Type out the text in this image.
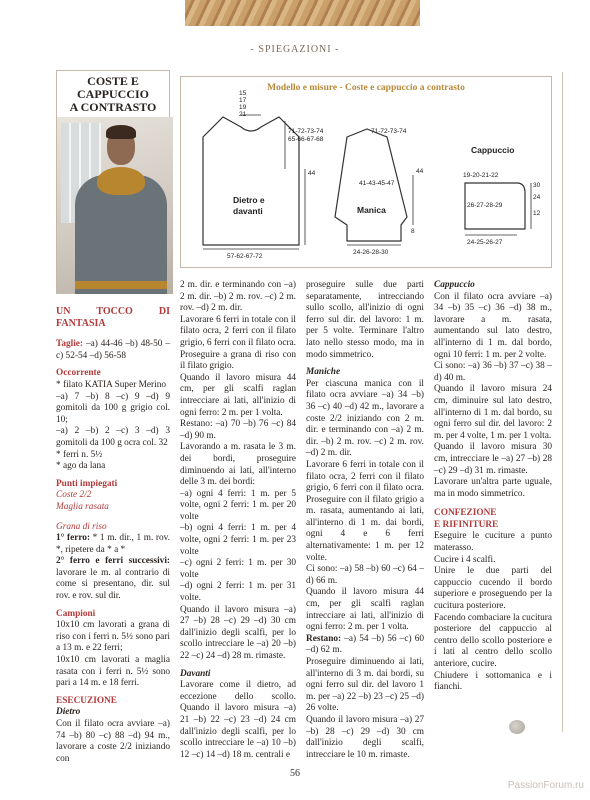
- SPIEGAZIONI -
COSTE E CAPPUCCIO
A CONTRASTO

UN TOCCO DI FANTASIA

Taglie: –a) 44-46 –b) 48-50 –c) 52-54 –d) 56-58

Occorrente

* filato KATIA Super Merino

–a) 7 –b) 8 –c) 9 –d) 9 gomitoli da 100 g grigio col. 10;

–a) 2 –b) 2 –c) 3 –d) 3 gomitoli da 100 g ocra col. 32

* ferri n. 5½

* ago da lana

Punti impiegati

Coste 2/2

Maglia rasata

Grana di riso

1° ferro: * 1 m. dir., 1 m. rov. *, ripetere da * a *

2° ferro e ferri successivi: lavorare le m. al contrario di come si presentano, dir. sul rov. e rov. sul dir.

Campioni

10x10 cm lavorati a grana di riso con i ferri n. 5½ sono pari a 13 m. e 22 ferri;

10x10 cm lavorati a maglia rasata con i ferri n. 5½ sono pari a 14 m. e 18 ferri.

ESECUZIONE

Dietro

Con il filato ocra avviare –a) 74 –b) 80 –c) 88 –d) 94 m., lavorare a coste 2/2 iniziando con

Modello e misure - Coste e cappuccio a contrasto
15
17
19
21
71-72-73-74
65-66-67-68
44
Dietro e
davanti
57-62-67-72
71-72-73-74
41-43-45-47
Manica
44
8
24-26-28-30
Cappuccio
19-20-21-22
26-27-28-29
30
24
12
24-25-26-27

2 m. dir. e terminando con –a) 2 m. dir. –b) 2 m. rov. –c) 2 m. rov. –d) 2 m. dir.

Lavorare 6 ferri in totale con il filato ocra, 2 ferri con il filato grigio, 6 ferri con il filato ocra. Proseguire a grana di riso con il filato grigio.

Quando il lavoro misura 44 cm, per gli scalfi raglan intrecciare ai lati, all'inizio di ogni ferro: 2 m. per 1 volta.

Restano: –a) 70 –b) 76 –c) 84 –d) 90 m.

Lavorando a m. rasata le 3 m. dei bordi, proseguire diminuendo ai lati, all'interno delle 3 m. dei bordi:

–a) ogni 4 ferri: 1 m. per 5 volte, ogni 2 ferri: 1 m. per 20 volte

–b) ogni 4 ferri: 1 m. per 4 volte, ogni 2 ferri: 1 m. per 23 volte

–c) ogni 2 ferri: 1 m. per 30 volte

–d) ogni 2 ferri: 1 m. per 31 volte.

Quando il lavoro misura –a) 27 –b) 28 –c) 29 –d) 30 cm dall'inizio degli scalfi, per lo scollo intrecciare le –a) 20 –b) 22 –c) 24 –d) 28 m. rimaste.

Davanti

Lavorare come il dietro, ad eccezione dello scollo. Quando il lavoro misura –a) 21 –b) 22 –c) 23 –d) 24 cm dall'inizio degli scalfi, per lo scollo intrecciare le –a) 10 –b) 12 –c) 14 –d) 18 m. centrali e

proseguire sulle due parti separatamente, intrecciando sullo scollo, all'inizio di ogni ferro sul dir. del lavoro: 1 m. per 5 volte. Terminare l'altro lato nello stesso modo, ma in modo simmetrico.

Maniche

Per ciascuna manica con il filato ocra avviare –a) 34 –b) 36 –c) 40 –d) 42 m., lavorare a coste 2/2 iniziando con 2 m. dir. e terminando con –a) 2 m. dir. –b) 2 m. rov. –c) 2 m. rov. –d) 2 m. dir.

Lavorare 6 ferri in totale con il filato ocra, 2 ferri con il filato grigio, 6 ferri con il filato ocra. Proseguire con il filato grigio a m. rasata, aumentando ai lati, all'interno di 1 m. dai bordi, ogni 4 e 6 ferri alternativamente: 1 m. per 12 volte.

Ci sono: –a) 58 –b) 60 –c) 64 –d) 66 m.

Quando il lavoro misura 44 cm, per gli scalfi raglan intrecciare ai lati, all'inizio di ogni ferro: 2 m. per 1 volta.

Restano: –a) 54 –b) 56 –c) 60 –d) 62 m.

Proseguire diminuendo ai lati, all'interno di 3 m. dai bordi, su ogni ferro sul dir. del lavoro 1 m. per –a) 22 –b) 23 –c) 25 –d) 26 volte.

Quando il lavoro misura –a) 27 –b) 28 –c) 29 –d) 30 cm dall'inizio degli scalfi, intrecciare le 10 m. rimaste.

Cappuccio

Con il filato ocra avviare –a) 34 –b) 35 –c) 36 –d) 38 m., lavorare a m. rasata, aumentando sul lato destro, all'interno di 1 m. dal bordo, ogni 10 ferri: 1 m. per 2 volte.

Ci sono: –a) 36 –b) 37 –c) 38 –d) 40 m.

Quando il lavoro misura 24 cm, diminuire sul lato destro, all'interno di 1 m. dal bordo, su ogni ferro sul dir. del lavoro: 2 m. per 4 volte, 1 m. per 1 volta.

Quando il lavoro misura 30 cm, intrecciare le –a) 27 –b) 28 –c) 29 –d) 31 m. rimaste.

Lavorare un'altra parte uguale, ma in modo simmetrico.

CONFEZIONE

E RIFINITURE

Eseguire le cuciture a punto materasso.

Cucire i 4 scalfi.

Unire le due parti del cappuccio cucendo il bordo superiore e proseguendo per la cucitura posteriore.

Facendo combaciare la cucitura posteriore del cappuccio al centro dello scollo posteriore e i lati al centro dello scollo anteriore, cucire.

Chiudere i sottomanica e i fianchi.

56
PassionForum.ru
